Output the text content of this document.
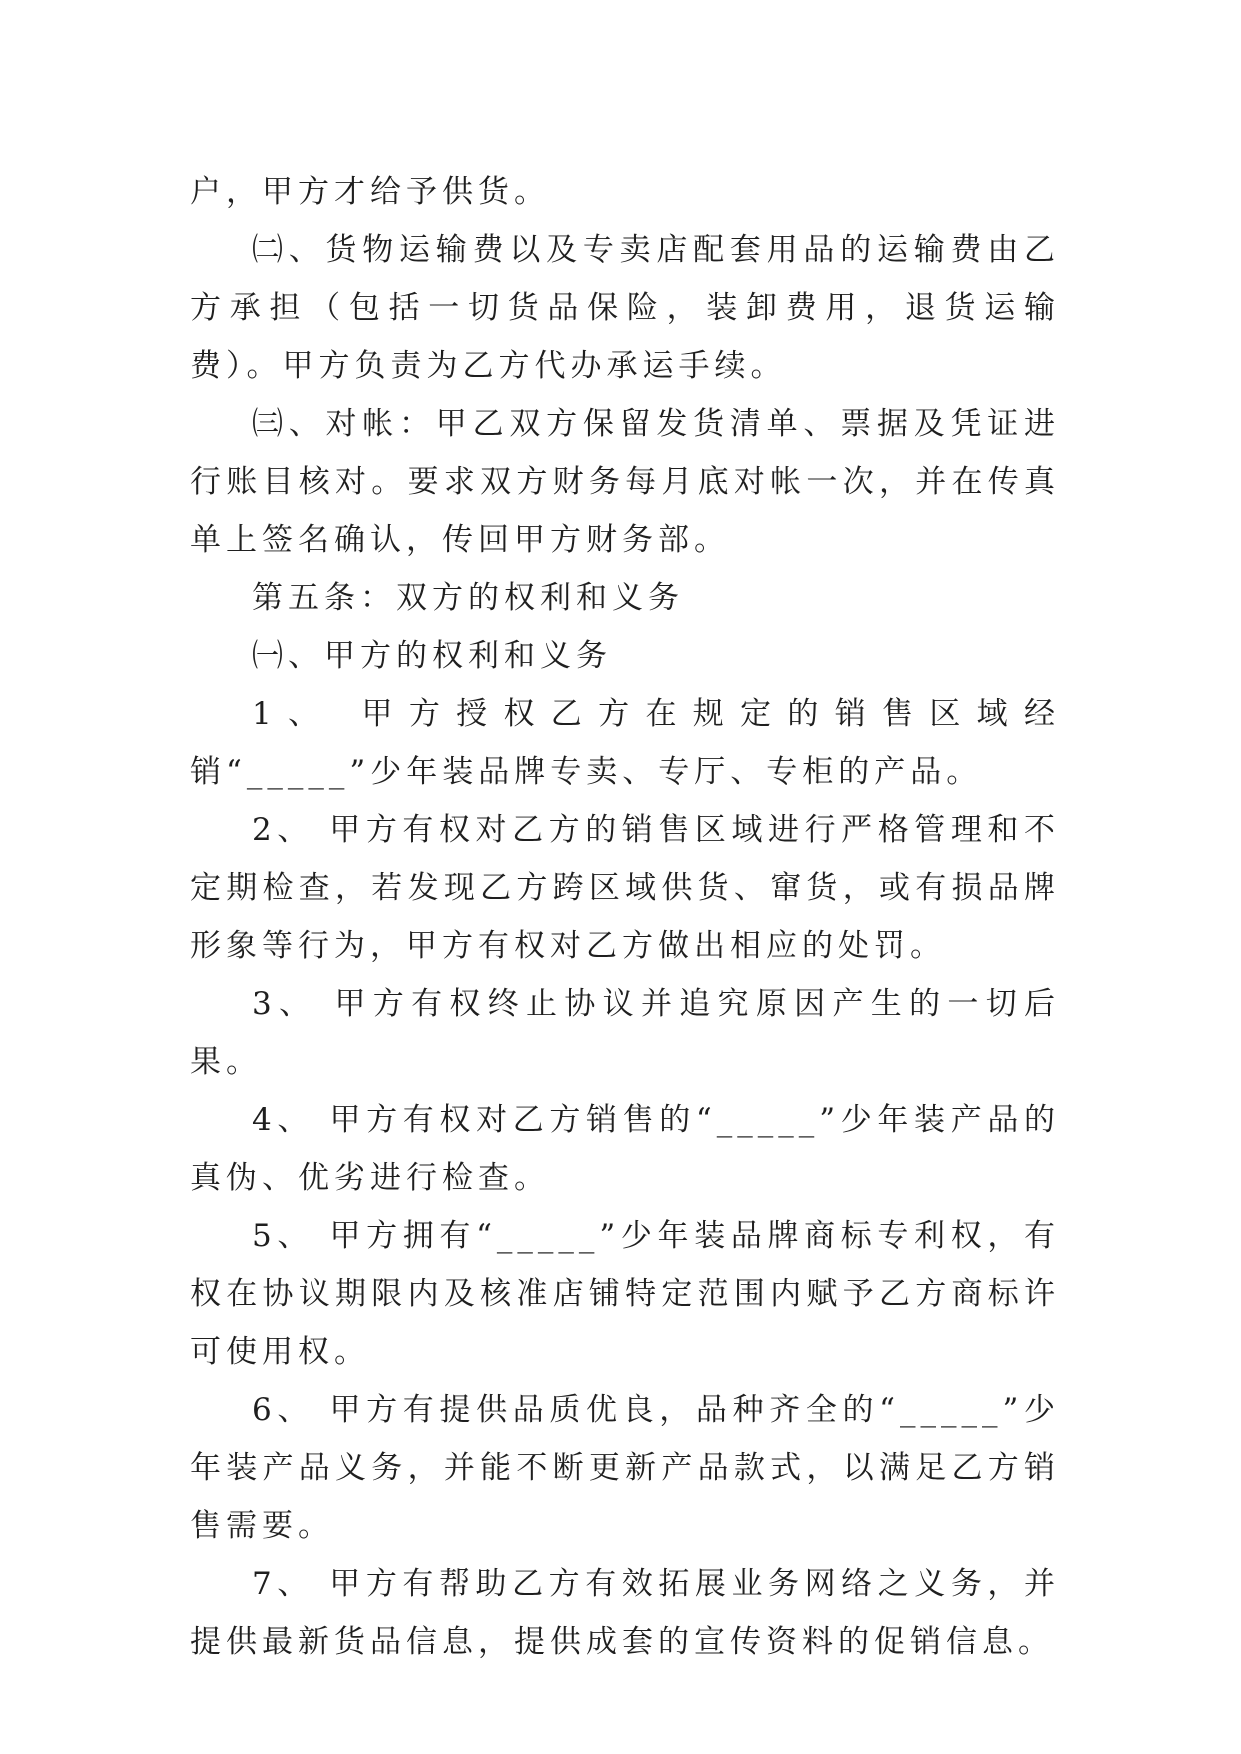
户，甲方才给予供货。

㈡、货物运输费以及专卖店配套用品的运输费由乙方承担（包括一切货品保险，装卸费用，退货运输费）。甲方负责为乙方代办承运手续。

㈢、对帐：甲乙双方保留发货清单、票据及凭证进行账目核对。要求双方财务每月底对帐一次，并在传真单上签名确认，传回甲方财务部。

第五条：双方的权利和义务

㈠、甲方的权利和义务

1、 甲方授权乙方在规定的销售区域经销“_____”少年装品牌专卖、专厅、专柜的产品。

2、 甲方有权对乙方的销售区域进行严格管理和不定期检查，若发现乙方跨区域供货、窜货，或有损品牌形象等行为，甲方有权对乙方做出相应的处罚。

3、 甲方有权终止协议并追究原因产生的一切后果。

4、 甲方有权对乙方销售的“_____”少年装产品的真伪、优劣进行检查。

5、 甲方拥有“_____”少年装品牌商标专利权，有权在协议期限内及核准店铺特定范围内赋予乙方商标许可使用权。

6、 甲方有提供品质优良，品种齐全的“_____”少年装产品义务，并能不断更新产品款式，以满足乙方销售需要。

7、 甲方有帮助乙方有效拓展业务网络之义务，并提供最新货品信息，提供成套的宣传资料的促销信息。
